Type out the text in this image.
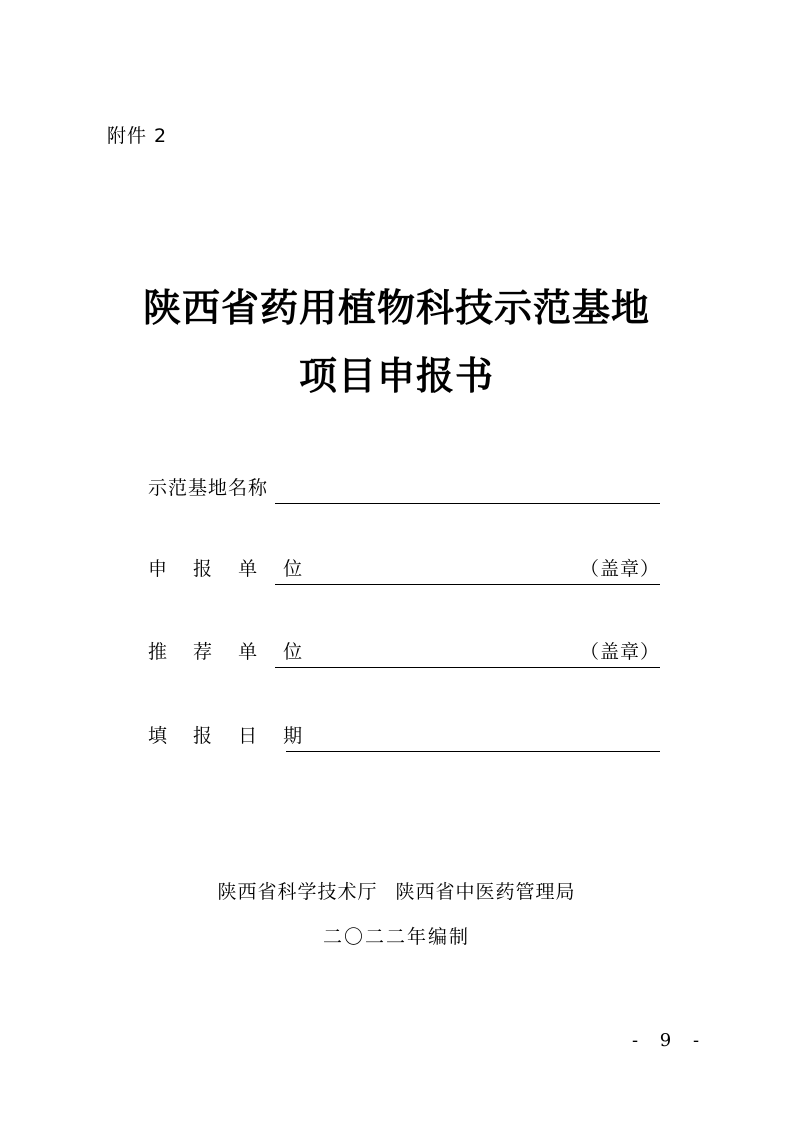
附件 2
陕西省药用植物科技示范基地
项目申报书
示范基地名称
申 报 单 位	（盖章）
推 荐 单 位	（盖章）
填 报 日 期
陕西省科学技术厅 陕西省中医药管理局
二〇二二年编制
- 9 -
